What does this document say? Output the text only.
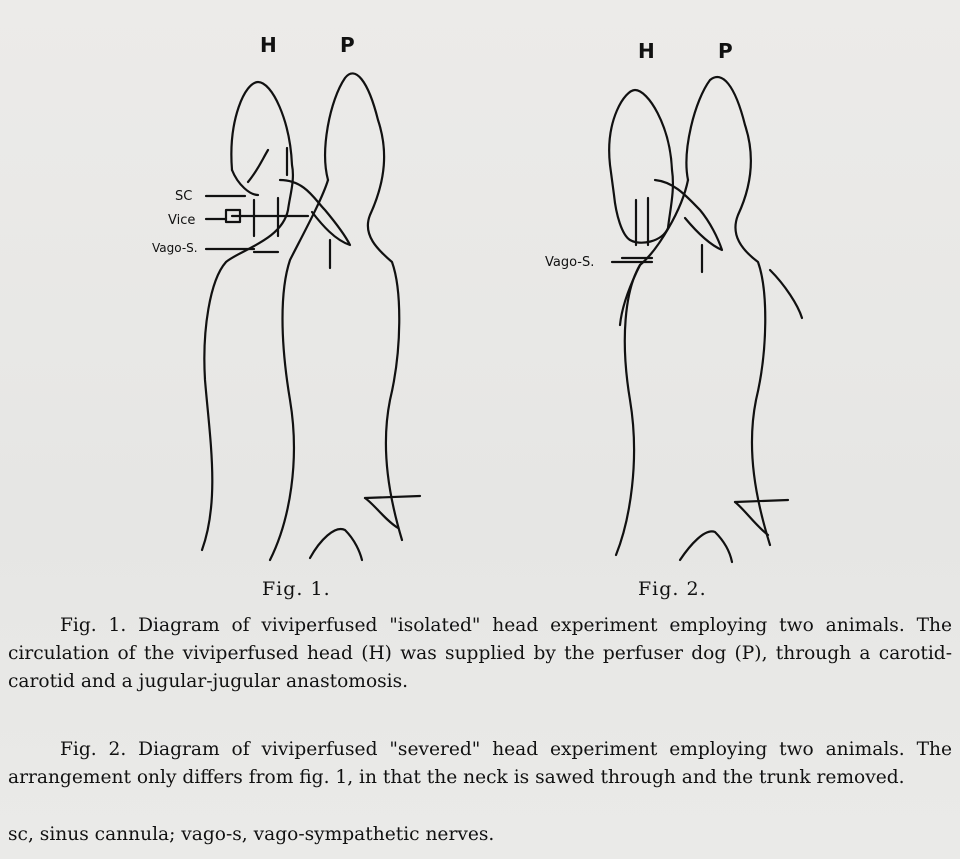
H	P
SC
Vice
Vago-S.
H	P
Vago-S.
Fig. 1.	Fig. 2.

Fig. 1. Diagram of viviperfused "isolated" head experiment employing two animals. The circulation of the viviperfused head (H) was supplied by the perfuser dog (P), through a carotid-carotid and a jugular-jugular anastomosis.

Fig. 2. Diagram of viviperfused "severed" head experiment employing two animals. The arrangement only differs from fig. 1, in that the neck is sawed through and the trunk removed.

sc, sinus cannula; vago-s, vago-sympathetic nerves.
